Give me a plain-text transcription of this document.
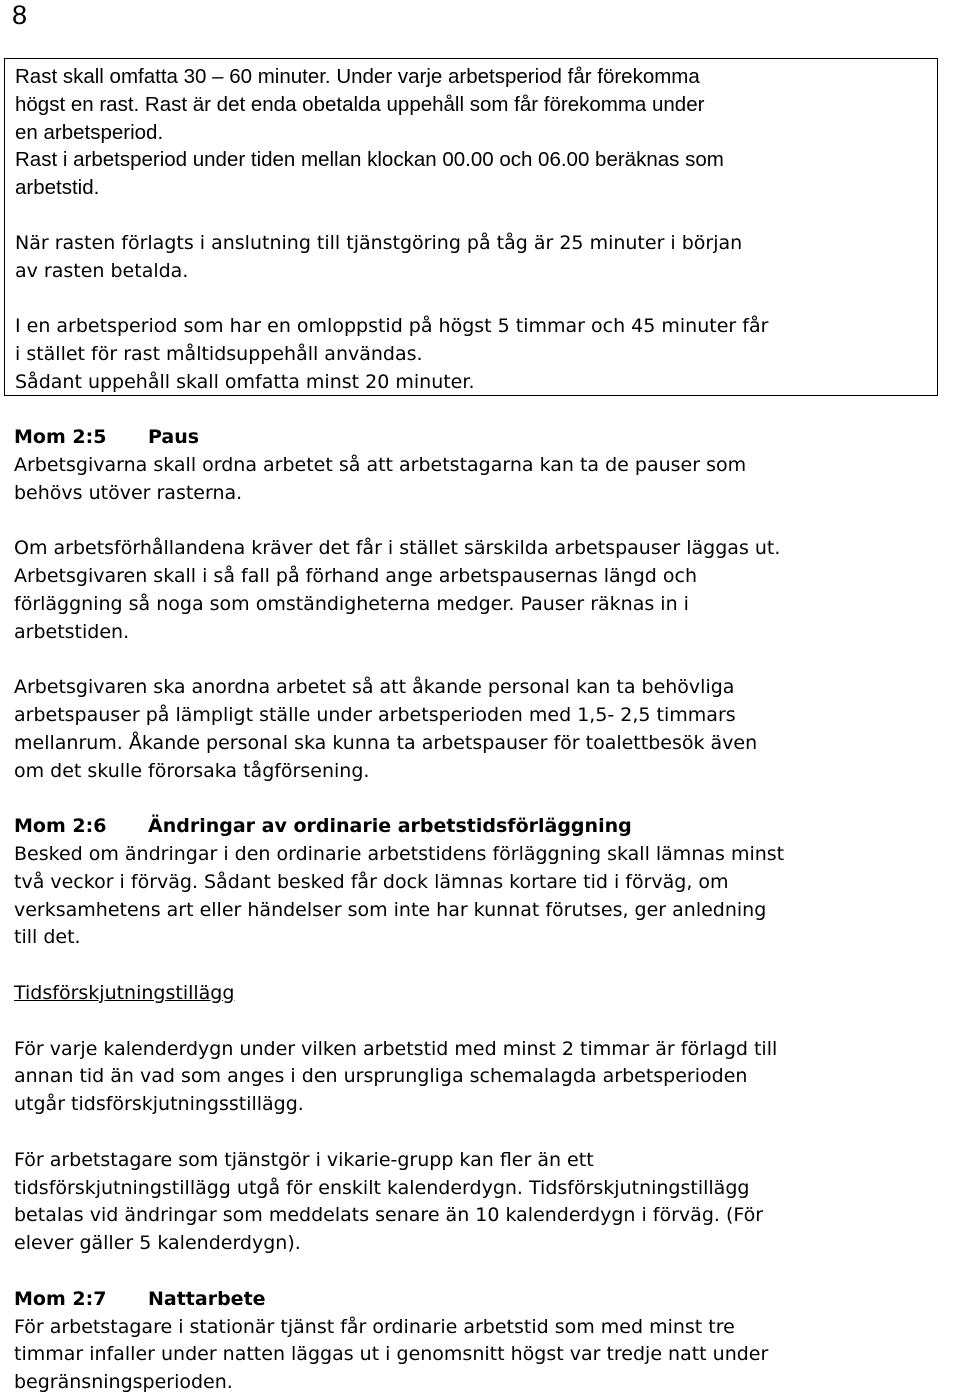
8

Rast skall omfatta 30 – 60 minuter. Under varje arbetsperiod får förekomma

högst en rast. Rast är det enda obetalda uppehåll som får förekomma under

en arbetsperiod.

Rast i arbetsperiod under tiden mellan klockan 00.00 och 06.00 beräknas som

arbetstid.

När rasten förlagts i anslutning till tjänstgöring på tåg är 25 minuter i början

av rasten betalda.

I en arbetsperiod som har en omloppstid på högst 5 timmar och 45 minuter får

i stället för rast måltidsuppehåll användas.

Sådant uppehåll skall omfatta minst 20 minuter.

Mom 2:5 Paus

Arbetsgivarna skall ordna arbetet så att arbetstagarna kan ta de pauser som

behövs utöver rasterna.

Om arbetsförhållandena kräver det får i stället särskilda arbetspauser läggas ut.

Arbetsgivaren skall i så fall på förhand ange arbetspausernas längd och

förläggning så noga som omständigheterna medger. Pauser räknas in i

arbetstiden.

Arbetsgivaren ska anordna arbetet så att åkande personal kan ta behövliga

arbetspauser på lämpligt ställe under arbetsperioden med 1,5- 2,5 timmars

mellanrum. Åkande personal ska kunna ta arbetspauser för toalettbesök även

om det skulle förorsaka tågförsening.

Mom 2:6 Ändringar av ordinarie arbetstidsförläggning

Besked om ändringar i den ordinarie arbetstidens förläggning skall lämnas minst

två veckor i förväg. Sådant besked får dock lämnas kortare tid i förväg, om

verksamhetens art eller händelser som inte har kunnat förutses, ger anledning

till det.

Tidsförskjutningstillägg

För varje kalenderdygn under vilken arbetstid med minst 2 timmar är förlagd till

annan tid än vad som anges i den ursprungliga schemalagda arbetsperioden

utgår tidsförskjutningsstillägg.

För arbetstagare som tjänstgör i vikarie-grupp kan fler än ett

tidsförskjutningstillägg utgå för enskilt kalenderdygn. Tidsförskjutningstillägg

betalas vid ändringar som meddelats senare än 10 kalenderdygn i förväg. (För

elever gäller 5 kalenderdygn).

Mom 2:7 Nattarbete

För arbetstagare i stationär tjänst får ordinarie arbetstid som med minst tre

timmar infaller under natten läggas ut i genomsnitt högst var tredje natt under

begränsningsperioden.
